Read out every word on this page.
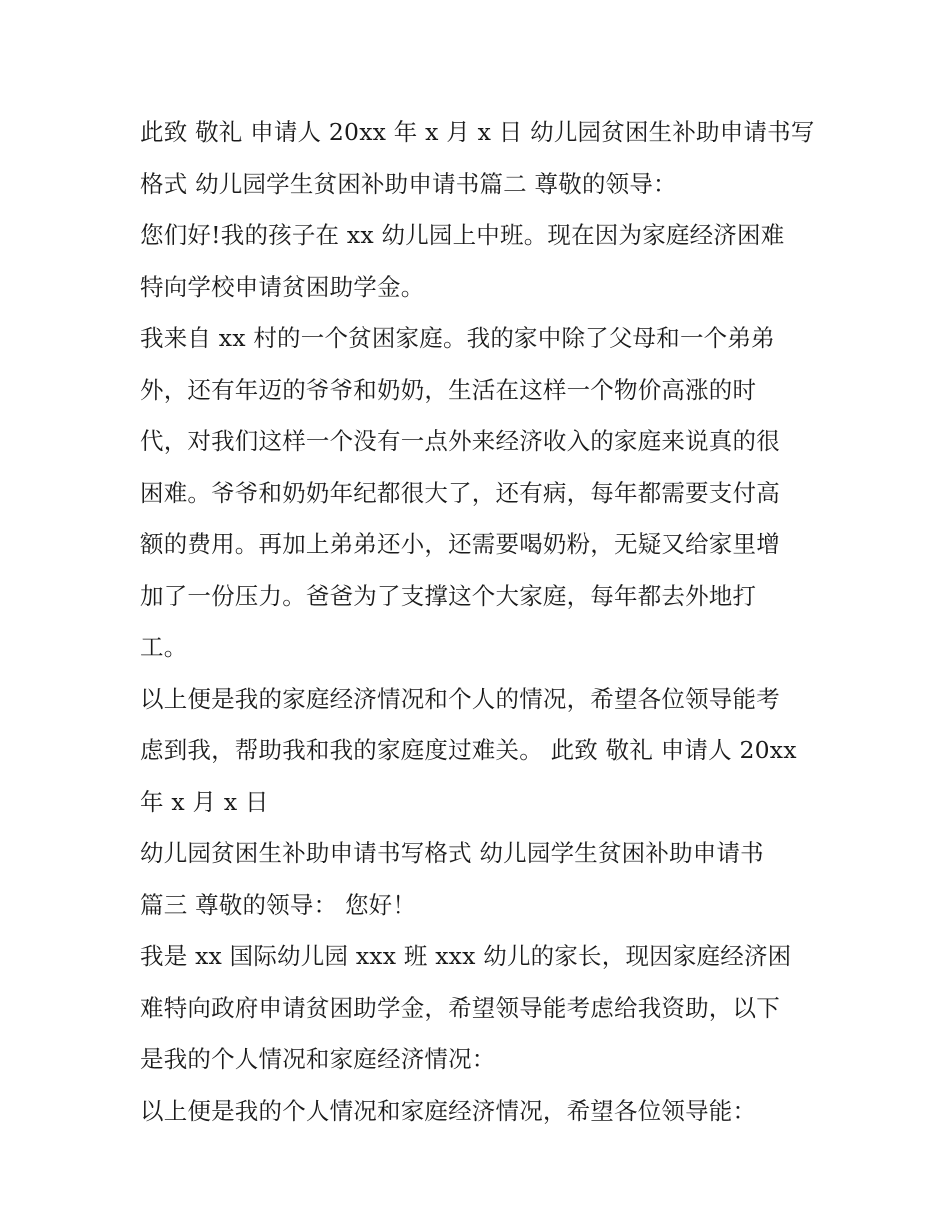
此致 敬礼 申请人 20xx 年 x 月 x 日 幼儿园贫困生补助申请书写
格式 幼儿园学生贫困补助申请书篇二 尊敬的领导：
您们好!我的孩子在 xx 幼儿园上中班。现在因为家庭经济困难
特向学校申请贫困助学金。
我来自 xx 村的一个贫困家庭。我的家中除了父母和一个弟弟
外，还有年迈的爷爷和奶奶，生活在这样一个物价高涨的时
代，对我们这样一个没有一点外来经济收入的家庭来说真的很
困难。爷爷和奶奶年纪都很大了，还有病，每年都需要支付高
额的费用。再加上弟弟还小，还需要喝奶粉，无疑又给家里增
加了一份压力。爸爸为了支撑这个大家庭，每年都去外地打
工。
以上便是我的家庭经济情况和个人的情况，希望各位领导能考
虑到我，帮助我和我的家庭度过难关。 此致 敬礼 申请人 20xx
年 x 月 x 日
幼儿园贫困生补助申请书写格式 幼儿园学生贫困补助申请书
篇三 尊敬的领导： 您好！
我是 xx 国际幼儿园 xxx 班 xxx 幼儿的家长，现因家庭经济困
难特向政府申请贫困助学金，希望领导能考虑给我资助，以下
是我的个人情况和家庭经济情况：
以上便是我的个人情况和家庭经济情况，希望各位领导能：
